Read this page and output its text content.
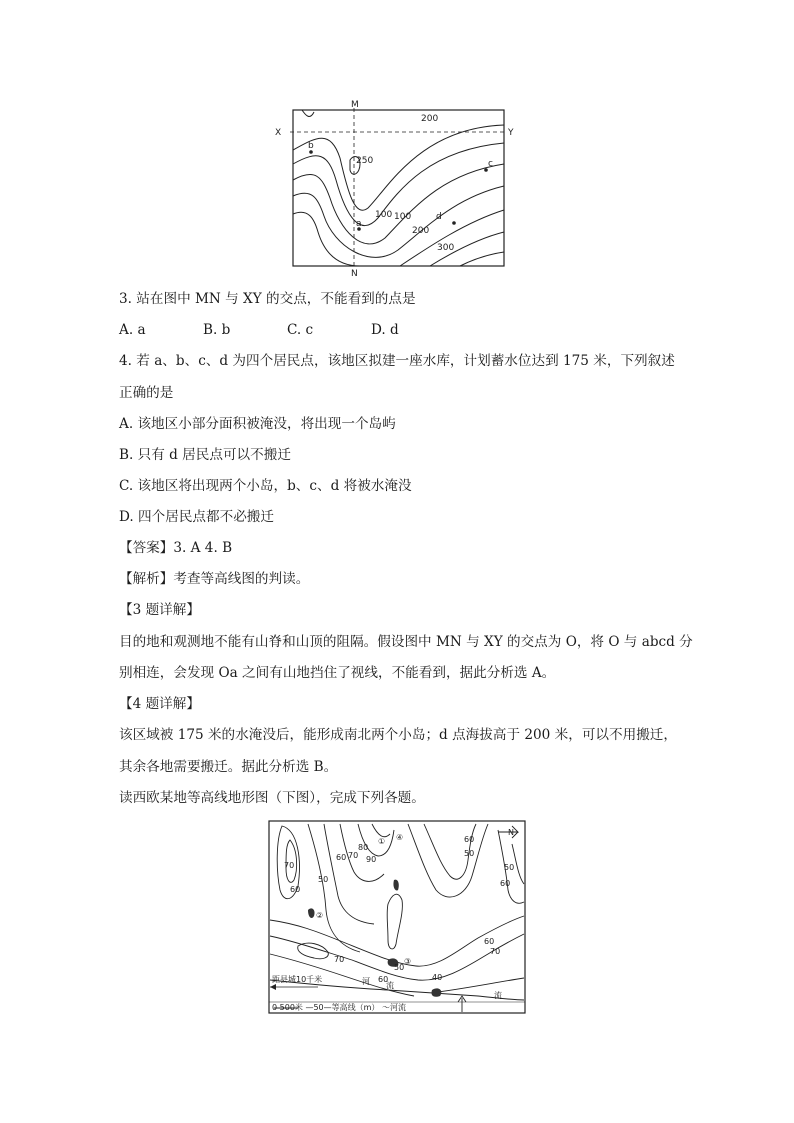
M
N
X	Y
b
c
d
a
200
250
100 100
200
300
3. 站在图中 MN 与 XY 的交点，不能看到的点是
A. a	B. b	C. c	D. d
4. 若 a、b、c、d 为四个居民点，该地区拟建一座水库，计划蓄水位达到 175 米，下列叙述
正确的是
A. 该地区小部分面积被淹没，将出现一个岛屿
B. 只有 d 居民点可以不搬迁
C. 该地区将出现两个小岛，b、c、d 将被水淹没
D. 四个居民点都不必搬迁
【答案】3. A 4. B
【解析】考查等高线图的判读。
【3 题详解】
目的地和观测地不能有山脊和山顶的阻隔。假设图中 MN 与 XY 的交点为 O，将 O 与 abcd 分
别相连，会发现 Oa 之间有山地挡住了视线，不能看到，据此分析选 A。
【4 题详解】
该区域被 175 米的水淹没后，能形成南北两个小岛；d 点海拔高于 200 米，可以不用搬迁，
其余各地需要搬迁。据此分析选 B。
读西欧某地等高线地形图（下图），完成下列各题。
70
60
50
60 70
80
90
60
50
60
50
60
70
70
60
50
40
①
②
③
④
N
距县城10千米	河 流
流
0 500米 —50—等高线（m） ～河流
